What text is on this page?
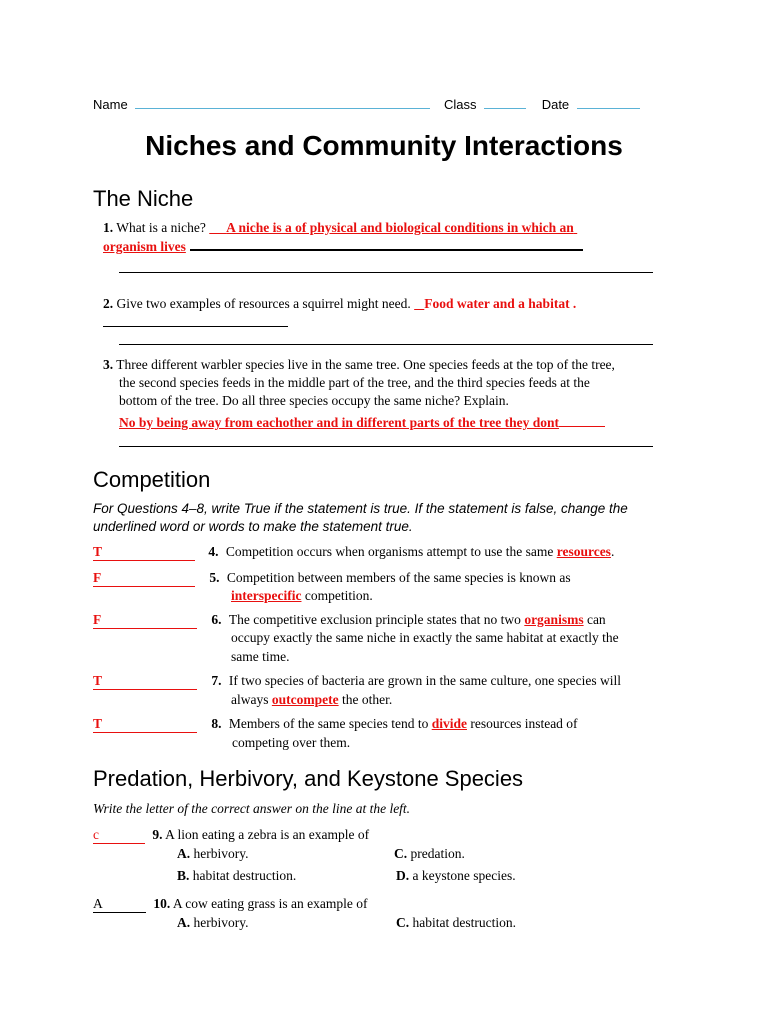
Name	Class	Date
Niches and Community Interactions
The Niche
1. What is a niche? A niche is a of physical and biological conditions in which an
organism lives
2. Give two examples of resources a squirrel might need. Food water and a habitat .
3. Three different warbler species live in the same tree. One species feeds at the top of the tree,
the second species feeds in the middle part of the tree, and the third species feeds at the
bottom of the tree. Do all three species occupy the same niche? Explain.
No by being away from eachother and in different parts of the tree they dont
Competition
For Questions 4–8, write True if the statement is true. If the statement is false, change the
underlined word or words to make the statement true.
T	4. Competition occurs when organisms attempt to use the same resources.
F	5. Competition between members of the same species is known as
interspecific competition.
F	6. The competitive exclusion principle states that no two organisms can
occupy exactly the same niche in exactly the same habitat at exactly the
same time.
T	7. If two species of bacteria are grown in the same culture, one species will
always outcompete the other.
T	8. Members of the same species tend to divide resources instead of
competing over them.
Predation, Herbivory, and Keystone Species
Write the letter of the correct answer on the line at the left.
c	9. A lion eating a zebra is an example of
A. herbivory.	C. predation.
B. habitat destruction.	D. a keystone species.
A	10. A cow eating grass is an example of
A. herbivory.	C. habitat destruction.
